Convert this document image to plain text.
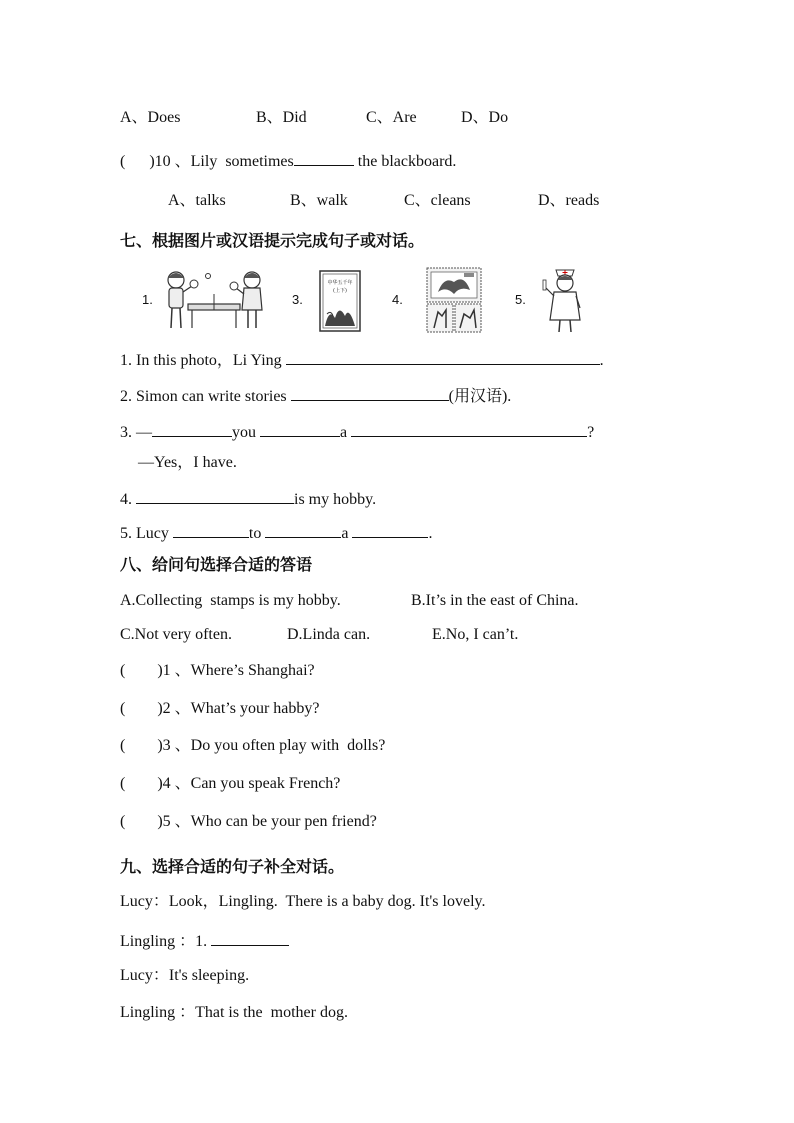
A、Does	B、Did	C、Are	D、Do
(      )10 、Lily  sometimes	the blackboard.
A、talks	B、walk	C、cleans	D、reads
七、根据图片或汉语提示完成句子或对话。
1.	3.
中华五千年
(上下)
4.	5.
1. In this photo，Li Ying	.
2. Simon can write stories	(用汉语).
3. —	you	a	?
—Yes，I have.
4.	is my hobby.
5. Lucy	to	a	.
八、给问句选择合适的答语
A.Collecting  stamps is my hobby.	B.It’s in the east of China.
C.Not very often.	D.Linda can.	E.No, I can’t.
(        )1 、Where’s Shanghai?
(        )2 、What’s your habby?
(        )3 、Do you often play with  dolls?
(        )4 、Can you speak French?
(        )5 、Who can be your pen friend?
九、选择合适的句子补全对话。
Lucy：Look，Lingling.  There is a baby dog. It's lovely.
Lingling ：1.
Lucy：It's sleeping.
Lingling ：That is the  mother dog.
